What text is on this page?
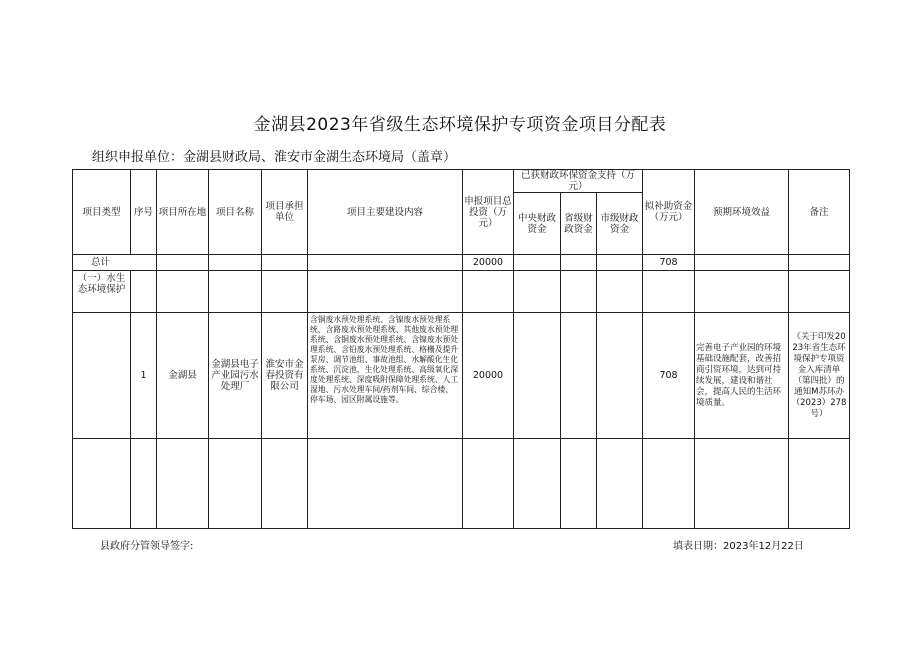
金湖县2023年省级生态环境保护专项资金项目分配表
组织申报单位：金湖县财政局、淮安市金湖生态环境局（盖章）
项目类型	序号	项目所在地	项目名称	项目承担单位	项目主要建设内容	申报项目总投资（万元）	已获财政环保资金支持（万元）			拟补助资金（万元）	预期环境效益	备注
							中央财政资金	省级财政资金	市级财政资金			
总计						20000				708		
（一）水生态环境保护												
	1	金湖县	金湖县电子产业园污水处理厂	淮安市金春投资有限公司	含铜废水预处理系统、含镍废水预处理系统，含路废水预处理系统、其他废水预处理系统、含铜废水预处理系统、含镍废水预处理系统、含铅废水预处理系统、格栅及提升泵房、调节池组、事故池组、水解酸化生化系统、沉淀池，生化处理系统、高级氧化深度处理系统、深度吸附保障处理系统、人工湿地、污水处理车间/药剂车间、综合楼、停车场、园区附属设施等。	20000				708	完善电子产业园的环境基础设施配套，改善招商引资环境，达到可持续发展，建设和谐社会，提高人民的生活环境质量。	《关于印发2023年省生态环境保护专项资金入库清单（第四批）的通知M苏环办（2023）278号）

县政府分管领导签字:	填表日期：2023年12月22日
